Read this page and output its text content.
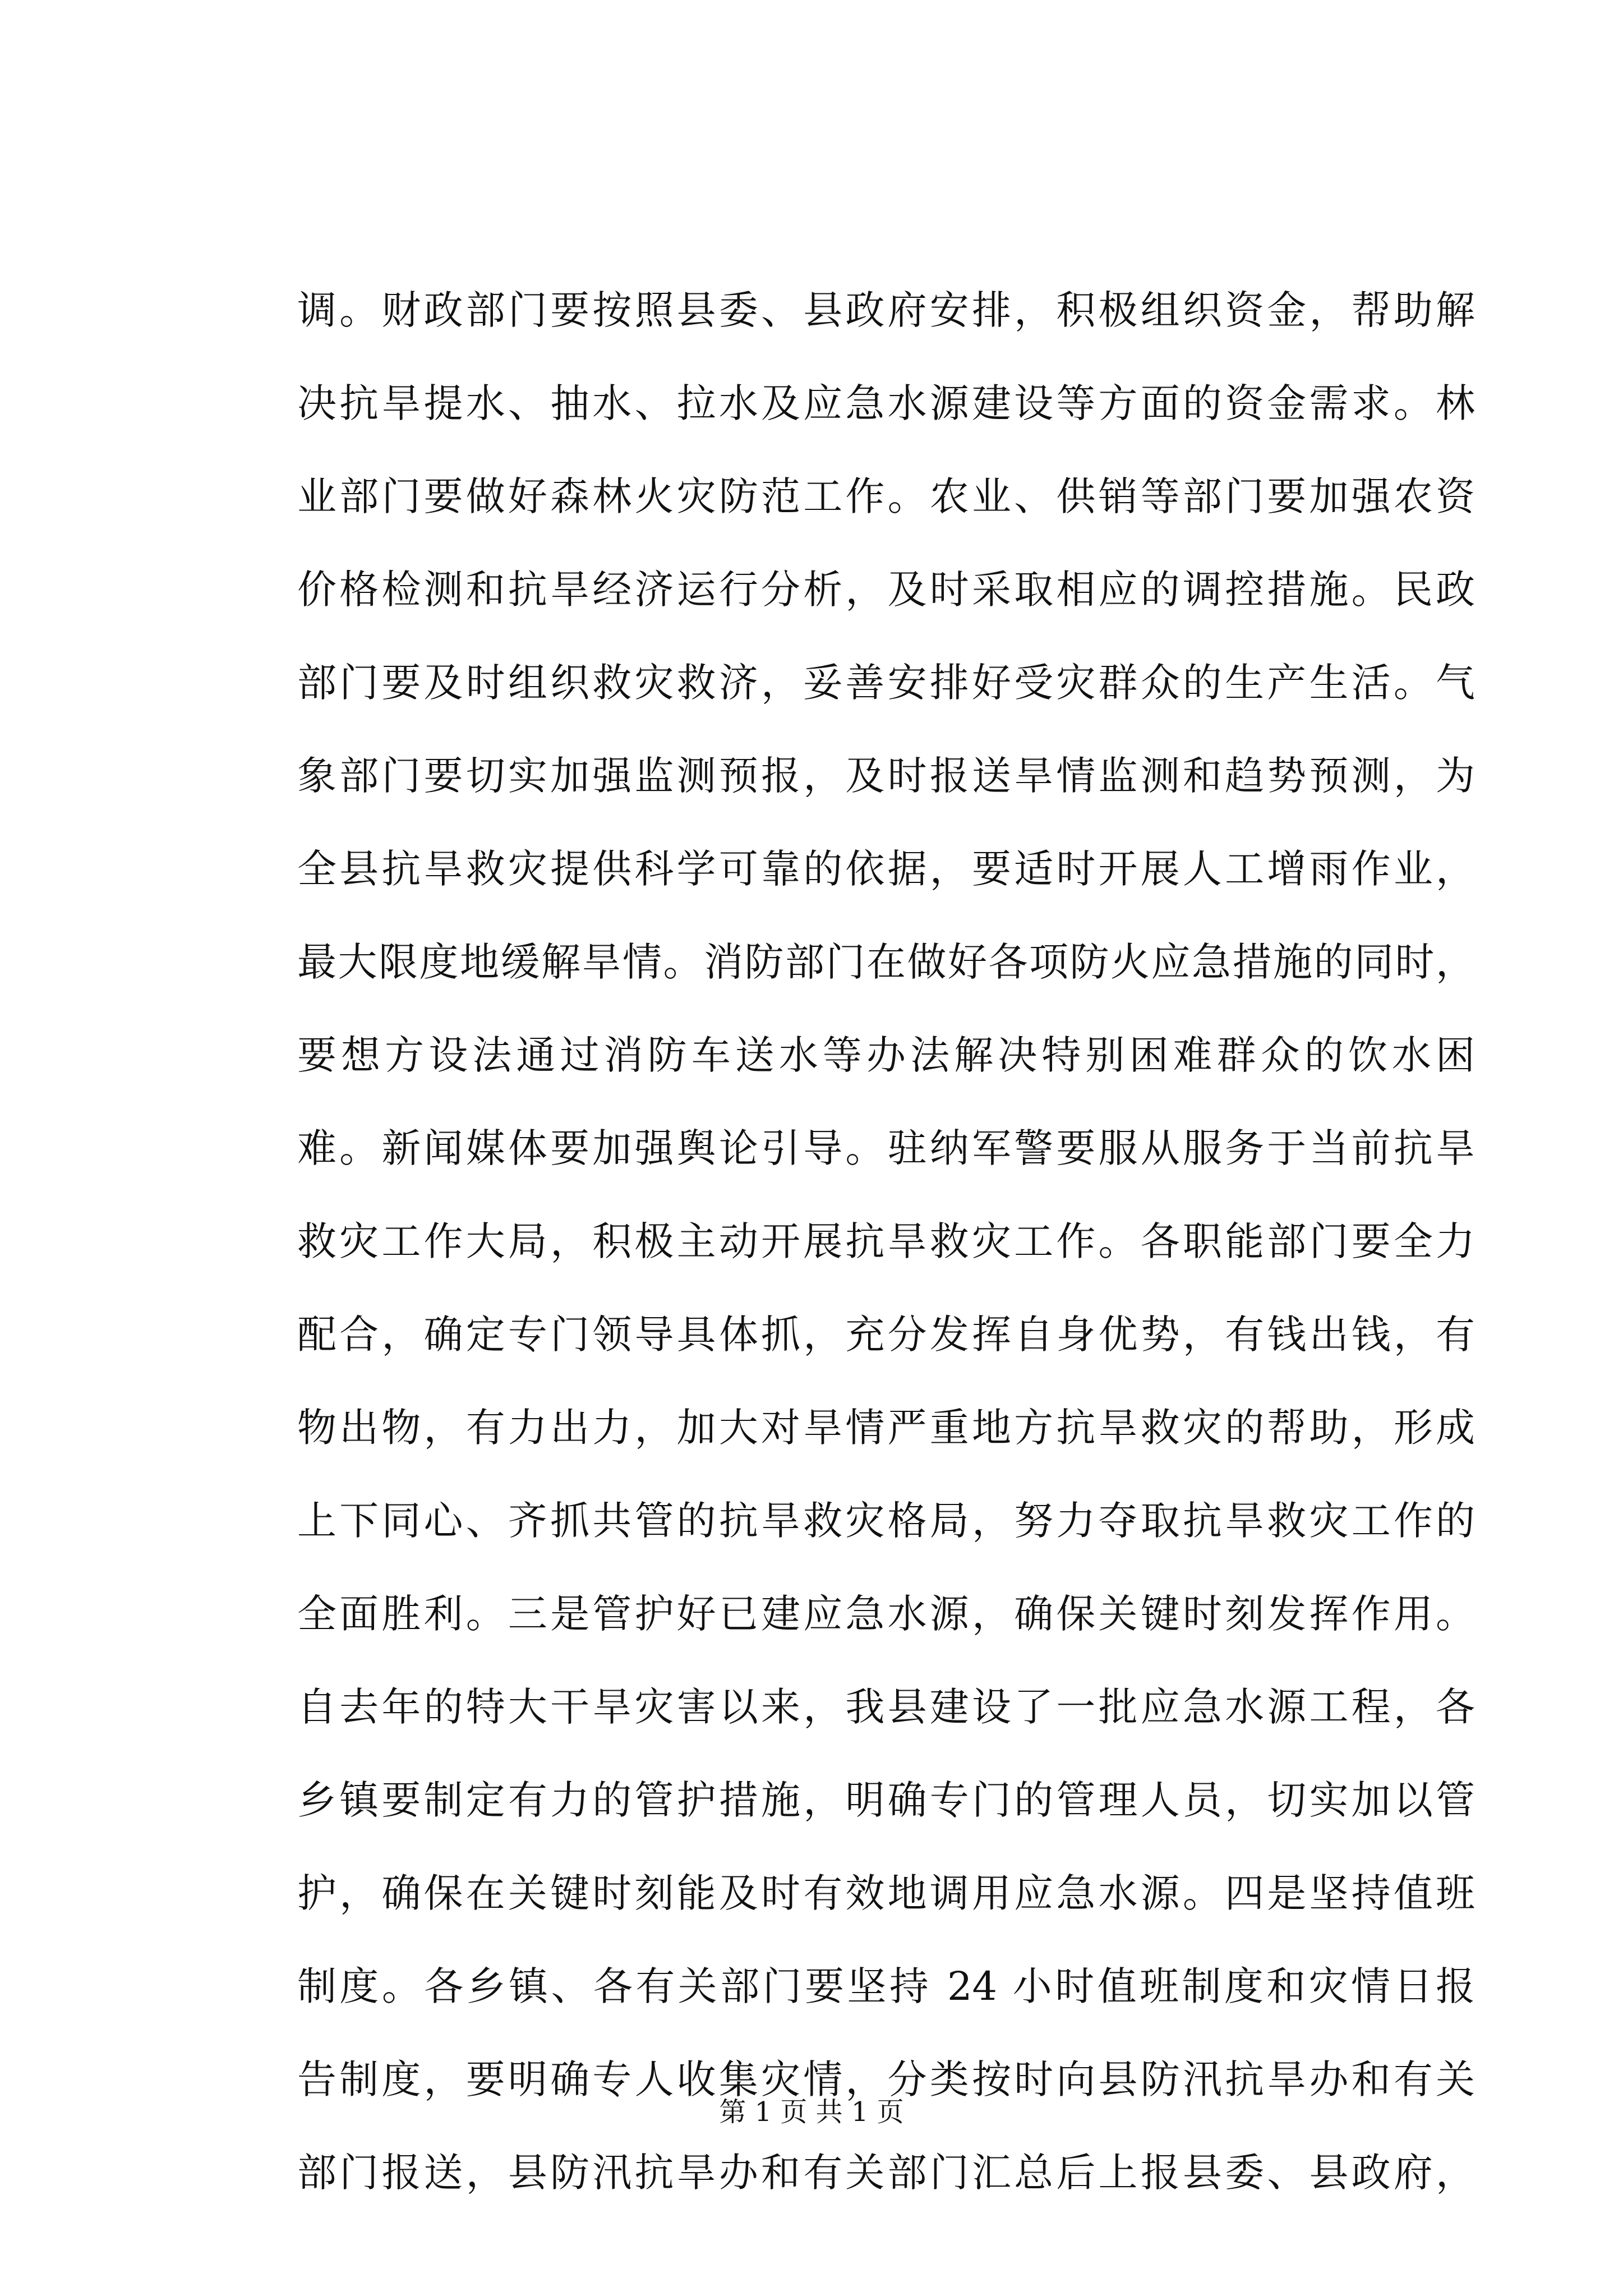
调。财政部门要按照县委、县政府安排，积极组织资金，帮助解
决抗旱提水、抽水、拉水及应急水源建设等方面的资金需求。林
业部门要做好森林火灾防范工作。农业、供销等部门要加强农资
价格检测和抗旱经济运行分析，及时采取相应的调控措施。民政
部门要及时组织救灾救济，妥善安排好受灾群众的生产生活。气
象部门要切实加强监测预报，及时报送旱情监测和趋势预测，为
全县抗旱救灾提供科学可靠的依据，要适时开展人工增雨作业，
最大限度地缓解旱情。消防部门在做好各项防火应急措施的同时，
要想方设法通过消防车送水等办法解决特别困难群众的饮水困
难。新闻媒体要加强舆论引导。驻纳军警要服从服务于当前抗旱
救灾工作大局，积极主动开展抗旱救灾工作。各职能部门要全力
配合，确定专门领导具体抓，充分发挥自身优势，有钱出钱，有
物出物，有力出力，加大对旱情严重地方抗旱救灾的帮助，形成
上下同心、齐抓共管的抗旱救灾格局，努力夺取抗旱救灾工作的
全面胜利。三是管护好已建应急水源，确保关键时刻发挥作用。
自去年的特大干旱灾害以来，我县建设了一批应急水源工程，各
乡镇要制定有力的管护措施，明确专门的管理人员，切实加以管
护，确保在关键时刻能及时有效地调用应急水源。四是坚持值班
制度。各乡镇、各有关部门要坚持 24 小时值班制度和灾情日报
告制度，要明确专人收集灾情，分类按时向县防汛抗旱办和有关
部门报送，县防汛抗旱办和有关部门汇总后上报县委、县政府，
第 1 页 共 1 页
